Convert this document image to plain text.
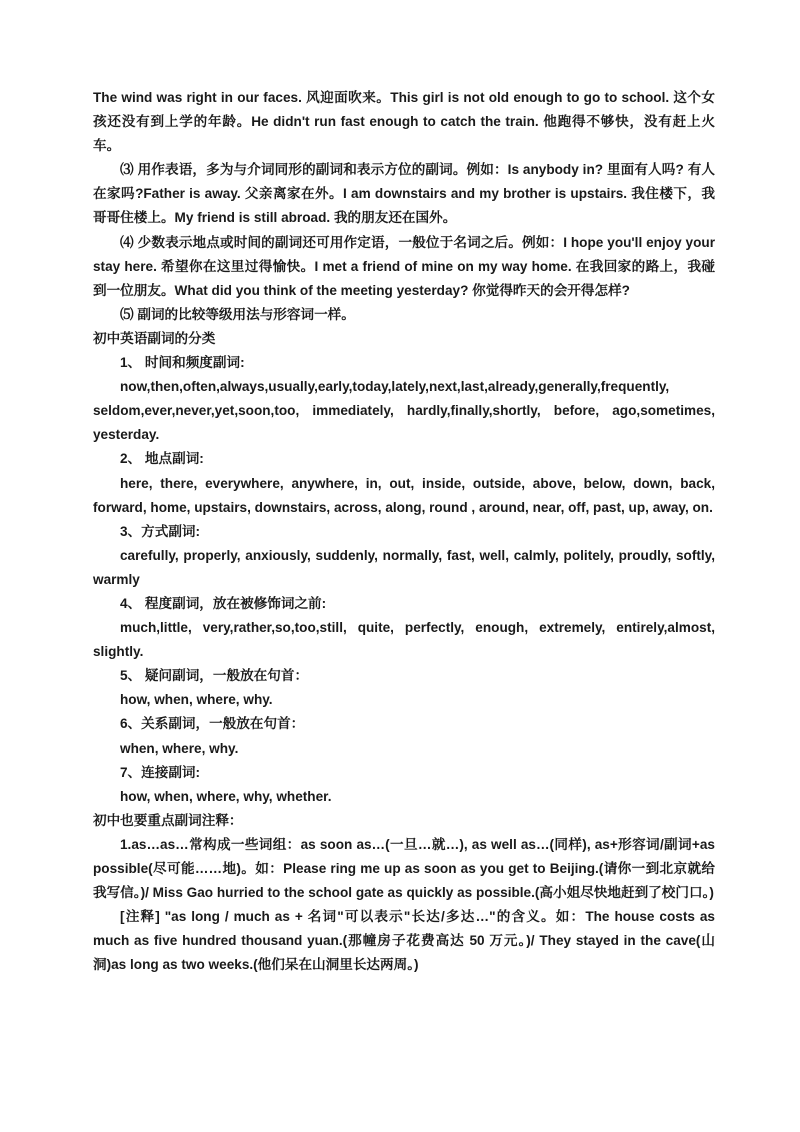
The wind was right in our faces. 风迎面吹来。This girl is not old enough to go to school. 这个女孩还没有到上学的年龄。He didn't run fast enough to catch the train. 他跑得不够快，没有赶上火车。

⑶ 用作表语，多为与介词同形的副词和表示方位的副词。例如：Is anybody in? 里面有人吗? 有人在家吗?Father is away. 父亲离家在外。I am downstairs and my brother is upstairs. 我住楼下，我哥哥住楼上。My friend is still abroad. 我的朋友还在国外。

⑷ 少数表示地点或时间的副词还可用作定语，一般位于名词之后。例如：I hope you'll enjoy your stay here. 希望你在这里过得愉快。I met a friend of mine on my way home. 在我回家的路上，我碰到一位朋友。What did you think of the meeting yesterday? 你觉得昨天的会开得怎样?

⑸ 副词的比较等级用法与形容词一样。

初中英语副词的分类

1、 时间和频度副词:

now,then,often,always,usually,early,today,lately,next,last,already,generally,frequently, seldom,ever,never,yet,soon,too, immediately, hardly,finally,shortly, before, ago,sometimes, yesterday.

2、 地点副词:

here, there, everywhere, anywhere, in, out, inside, outside, above, below, down, back, forward, home, upstairs, downstairs, across, along, round , around, near, off, past, up, away, on.

3、方式副词:

carefully, properly, anxiously, suddenly, normally, fast, well, calmly, politely, proudly, softly, warmly

4、 程度副词，放在被修饰词之前:

much,little, very,rather,so,too,still, quite, perfectly, enough, extremely, entirely,almost, slightly.

5、 疑问副词，一般放在句首：

how, when, where, why.

6、关系副词，一般放在句首：

when, where, why.

7、连接副词:

how, when, where, why, whether.

初中也要重点副词注释：

1.as…as…常构成一些词组：as soon as…(一旦…就…), as well as…(同样), as+形容词/副词+as possible(尽可能……地)。如：Please ring me up as soon as you get to Beijing.(请你一到北京就给我写信。)/ Miss Gao hurried to the school gate as quickly as possible.(高小姐尽快地赶到了校门口。)

[注释] "as long / much as + 名词"可以表示"长达/多达…"的含义。如：The house costs as much as five hundred thousand yuan.(那幢房子花费高达 50 万元。)/ They stayed in the cave(山洞)as long as two weeks.(他们呆在山洞里长达两周。)
